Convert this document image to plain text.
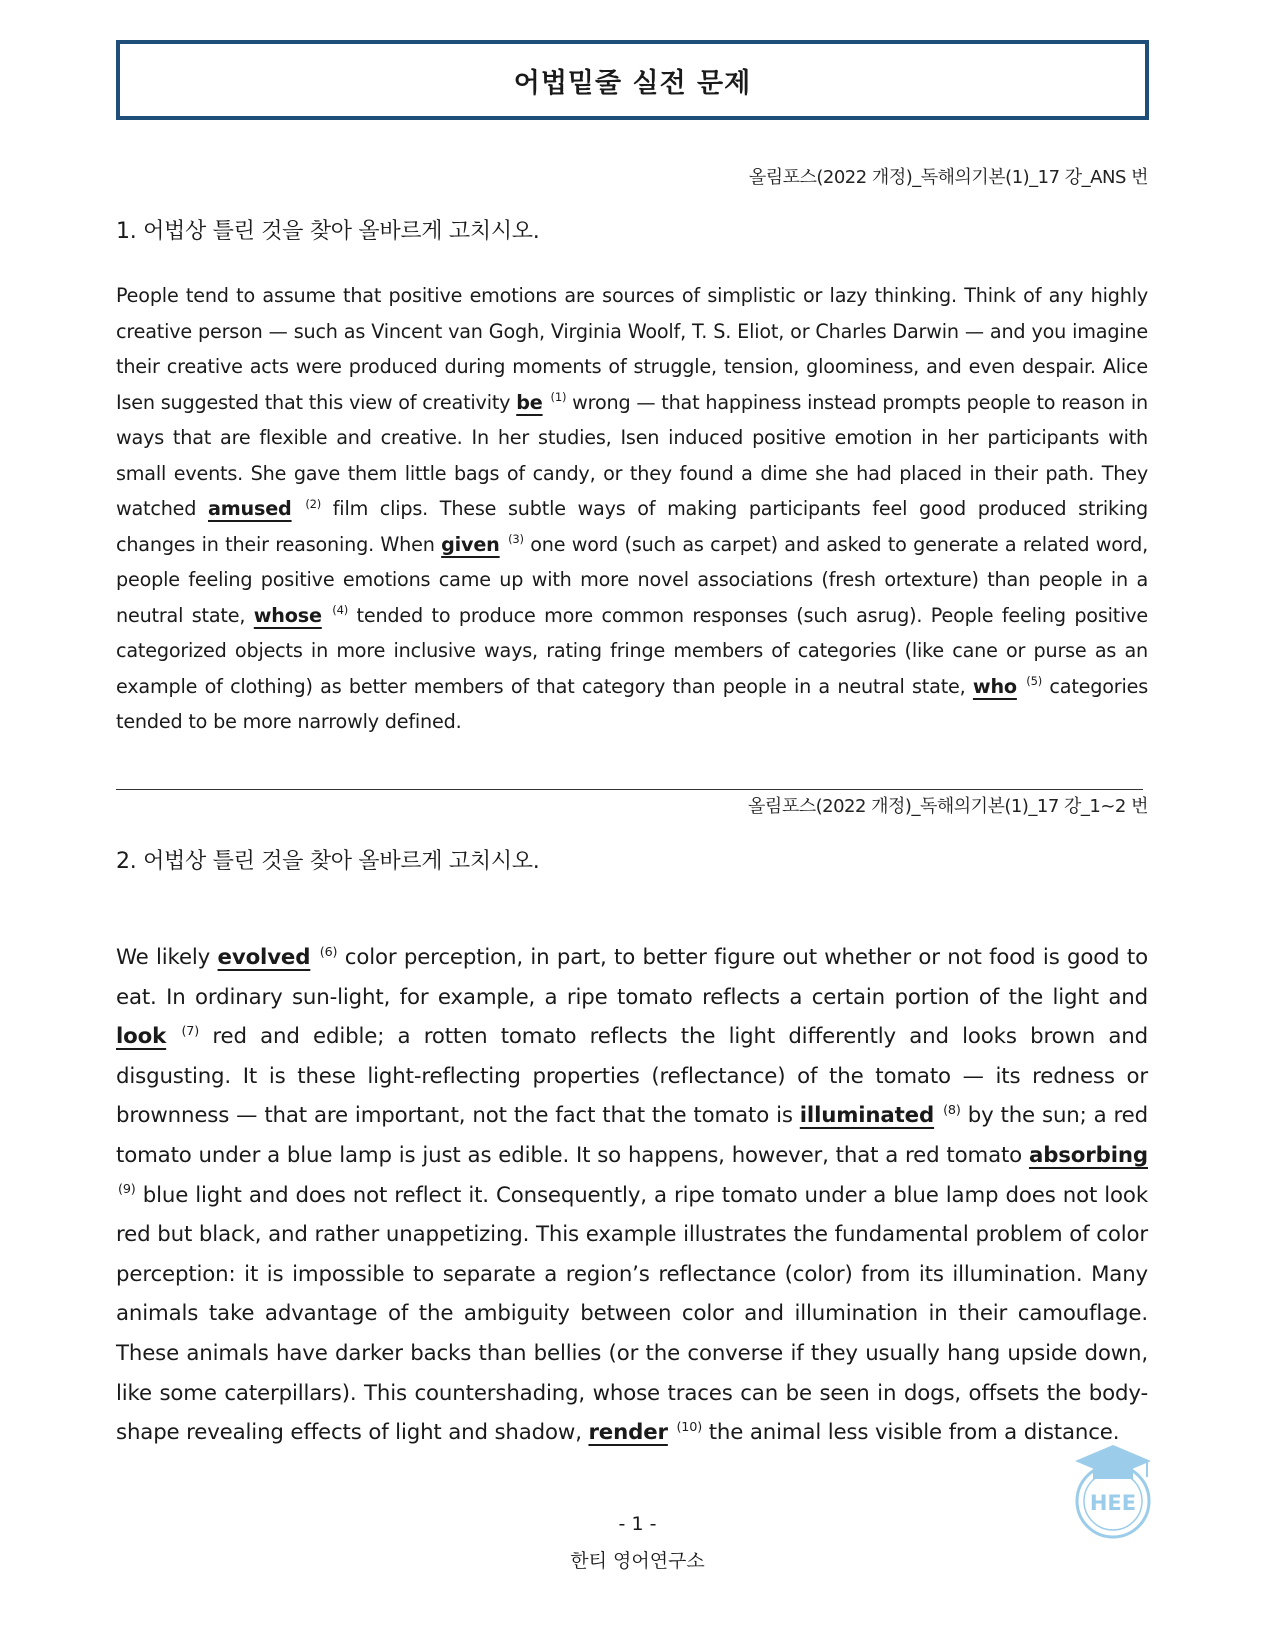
어법밑줄 실전 문제
올림포스(2022 개정)_독해의기본(1)_17 강_ANS 번
1. 어법상 틀린 것을 찾아 올바르게 고치시오.
People tend to assume that positive emotions are sources of simplistic or lazy thinking. Think of any highly creative person — such as Vincent van Gogh, Virginia Woolf, T. S. Eliot, or Charles Darwin — and you imagine their creative acts were produced during moments of struggle, tension, gloominess, and even despair. Alice Isen suggested that this view of creativity be $^{(1)}$ wrong — that happiness instead prompts people to reason in ways that are flexible and creative. In her studies, Isen induced positive emotion in her participants with small events. She gave them little bags of candy, or they found a dime she had placed in their path. They watched amused $^{(2)}$ film clips. These subtle ways of making participants feel good produced striking changes in their reasoning. When given $^{(3)}$ one word (such as carpet) and asked to generate a related word, people feeling positive emotions came up with more novel associations (fresh ortexture) than people in a neutral state, whose $^{(4)}$ tended to produce more common responses (such asrug). People feeling positive categorized objects in more inclusive ways, rating fringe members of categories (like cane or purse as an example of clothing) as better members of that category than people in a neutral state, who $^{(5)}$ categories tended to be more narrowly defined.
올림포스(2022 개정)_독해의기본(1)_17 강_1~2 번
2. 어법상 틀린 것을 찾아 올바르게 고치시오.
We likely evolved $^{(6)}$ color perception, in part, to better figure out whether or not food is good to eat. In ordinary sun-light, for example, a ripe tomato reflects a certain portion of the light and look $^{(7)}$ red and edible; a rotten tomato reflects the light differently and looks brown and disgusting. It is these light-reflecting properties (reflectance) of the tomato — its redness or brownness — that are important, not the fact that the tomato is illuminated $^{(8)}$ by the sun; a red tomato under a blue lamp is just as edible. It so happens, however, that a red tomato absorbing $^{(9)}$ blue light and does not reflect it. Consequently, a ripe tomato under a blue lamp does not look red but black, and rather unappetizing. This example illustrates the fundamental problem of color perception: it is impossible to separate a region’s reflectance (color) from its illumination. Many animals take advantage of the ambiguity between color and illumination in their camouflage. These animals have darker backs than bellies (or the converse if they usually hang upside down, like some caterpillars). This countershading, whose traces can be seen in dogs, offsets the body-shape revealing effects of light and shadow, render $^{(10)}$ the animal less visible from a distance.
HEE
- 1 -
한티 영어연구소
